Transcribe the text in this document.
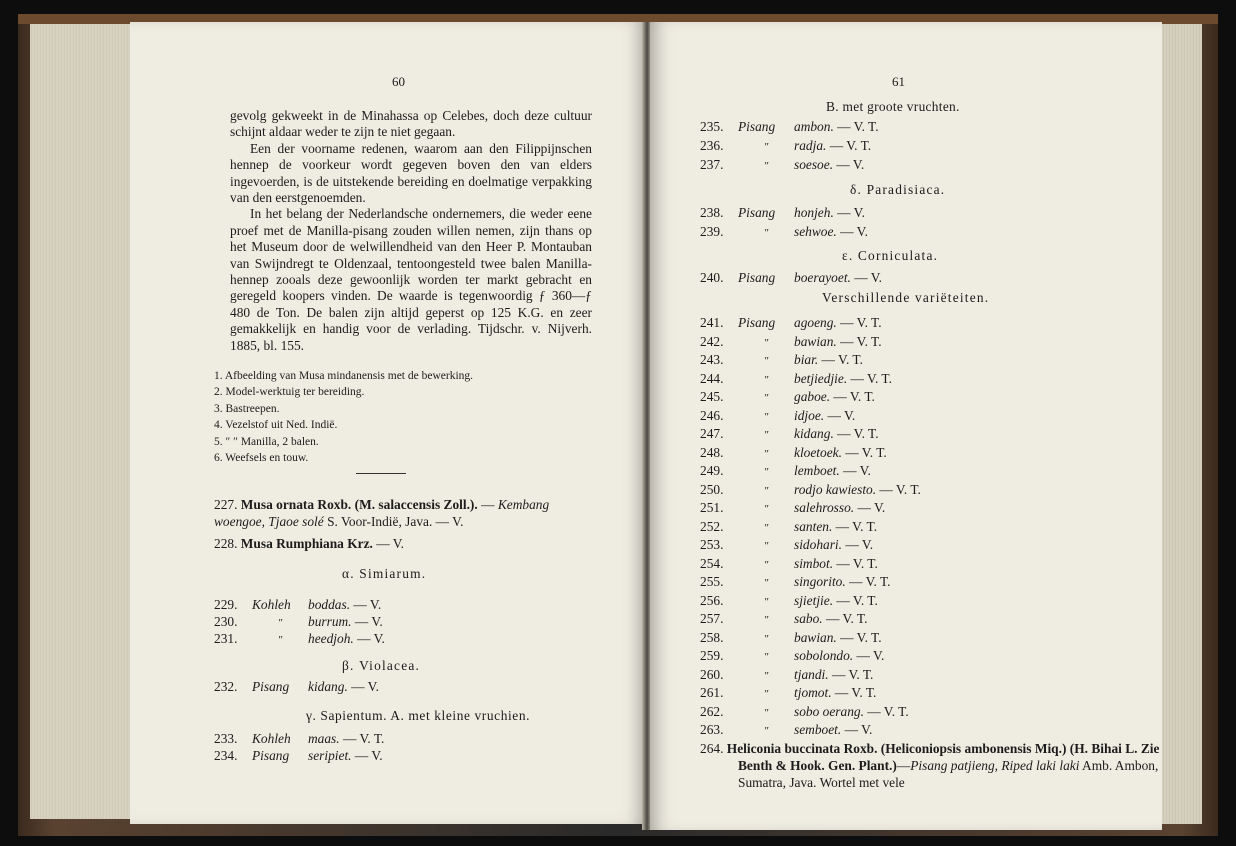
60

gevolg gekweekt in de Minahassa op Celebes, doch deze cultuur schijnt aldaar weder te zijn te niet gegaan.

Een der voorname redenen, waarom aan den Filippijnschen hennep de voorkeur wordt gegeven boven den van elders ingevoerden, is de uitstekende bereiding en doelmatige verpakking van den eerstgenoemden.

In het belang der Nederlandsche ondernemers, die weder eene proef met de Manilla-pisang zouden willen nemen, zijn thans op het Museum door de welwillendheid van den Heer P. Montauban van Swijndregt te Oldenzaal, tentoongesteld twee balen Manilla-hennep zooals deze gewoonlijk worden ter markt gebracht en geregeld koopers vinden. De waarde is tegenwoordig ƒ 360—ƒ 480 de Ton. De balen zijn altijd geperst op 125 K.G. en zeer gemakkelijk en handig voor de verlading. Tijdschr. v. Nijverh. 1885, bl. 155.

1. Afbeelding van Musa mindanensis met de bewerking.
2. Model-werktuig ter bereiding.
3. Bastreepen.
4. Vezelstof uit Ned. Indië.
5. ″ ″ Manilla, 2 balen.
6. Weefsels en touw.
227. Musa ornata Roxb. (M. salaccensis Zoll.). — Kembang woengoe, Tjaoe solé S. Voor-Indië, Java. — V.
228. Musa Rumphiana Krz. — V.
α. Simiarum.
229. Kohleh boddas. — V.
230.	″ burrum. — V.
231.	″ heedjoh. — V.
β. Violacea.
232. Pisang kidang. — V.
γ. Sapientum. A. met kleine vruchien.
233. Kohleh maas. — V. T.
234. Pisang seripiet. — V.
61
B. met groote vruchten.
235. Pisang ambon. — V. T.
236.	″ radja. — V. T.
237.	″ soesoe. — V.
δ. Paradisiaca.
238. Pisang honjeh. — V.
239.	″ sehwoe. — V.
ε. Corniculata.
240. Pisang boerayoet. — V.
Verschillende variëteiten.
241. Pisang agoeng. — V. T.
242.	″ bawian. — V. T.
243.	″ biar. — V. T.
244.	″ betjiedjie. — V. T.
245.	″ gaboe. — V. T.
246.	″ idjoe. — V.
247.	″ kidang. — V. T.
248.	″ kloetoek. — V. T.
249.	″ lemboet. — V.
250.	″ rodjo kawiesto. — V. T.
251.	″ salehrosso. — V.
252.	″ santen. — V. T.
253.	″ sidohari. — V.
254.	″ simbot. — V. T.
255.	″ singorito. — V. T.
256.	″ sjietjie. — V. T.
257.	″ sabo. — V. T.
258.	″ bawian. — V. T.
259.	″ sobolondo. — V.
260.	″ tjandi. — V. T.
261.	″ tjomot. — V. T.
262.	″ sobo oerang. — V. T.
263.	″ semboet. — V.
264. Heliconia buccinata Roxb. (Heliconiopsis ambonensis Miq.) (H. Bihai L. Zie Benth & Hook. Gen. Plant.)—Pisang patjieng, Riped laki laki Amb. Ambon, Sumatra, Java. Wortel met vele
